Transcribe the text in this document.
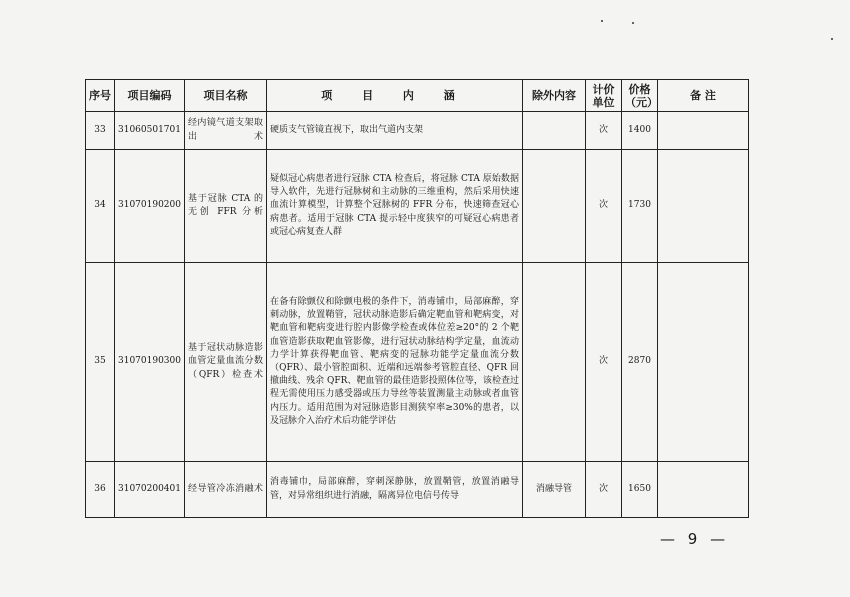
序号	项目编码	项目名称	项 目 内 涵	除外内容	计价单位	价格（元）	备 注
33	31060501701	经内镜气道支架取出术	硬质支气管镜直视下，取出气道内支架		次	1400	
34	31070190200	基于冠脉 CTA 的无创 FFR 分析	疑似冠心病患者进行冠脉 CTA 检查后，将冠脉 CTA 原始数据导入软件，先进行冠脉树和主动脉的三维重构，然后采用快速血流计算模型，计算整个冠脉树的 FFR 分布，快速筛查冠心病患者。适用于冠脉 CTA 提示轻中度狭窄的可疑冠心病患者或冠心病复查人群		次	1730	
35	31070190300	基于冠状动脉造影血管定量血流分数（QFR）检查术	在备有除颤仪和除颤电极的条件下，消毒铺巾，局部麻醉，穿刺动脉，放置鞘管，冠状动脉造影后确定靶血管和靶病变，对靶血管和靶病变进行腔内影像学检查或体位差≥20°的 2 个靶血管造影获取靶血管影像，进行冠状动脉结构学定量，血流动力学计算获得靶血管、靶病变的冠脉功能学定量血流分数（QFR）、最小管腔面积、近端和远端参考管腔直径、QFR 回撤曲线、残余 QFR、靶血管的最佳造影投照体位等，该检查过程无需使用压力感受器或压力导丝等装置测量主动脉或者血管内压力。适用范围为对冠脉造影目测狭窄率≥30%的患者，以及冠脉介入治疗术后功能学评估		次	2870	
36	31070200401	经导管冷冻消融术	消毒铺巾，局部麻醉，穿刺深静脉，放置鞘管，放置消融导管，对异常组织进行消融，隔离异位电信号传导	消融导管	次	1650	
— 9 —
